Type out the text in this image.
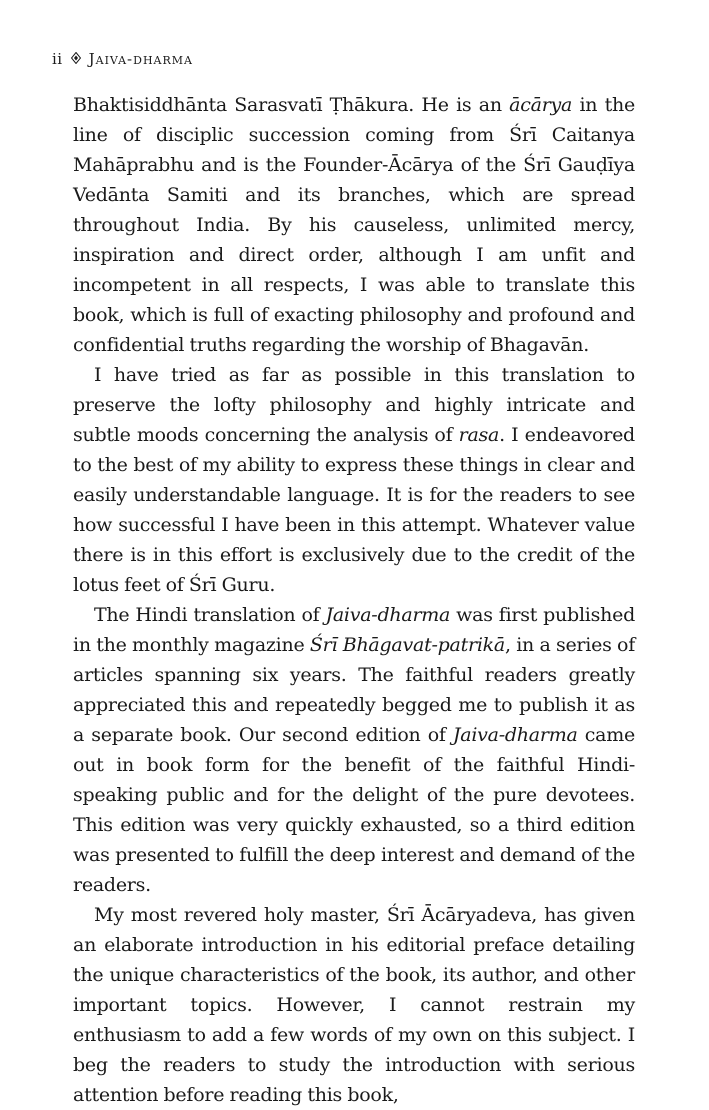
ii Jaiva-dharma

Bhaktisiddhānta Sarasvatī Ṭhākura. He is an ācārya in the line of disciplic succession coming from Śrī Caitanya Mahāprabhu and is the Founder-Ācārya of the Śrī Gauḍīya Vedānta Samiti and its branches, which are spread throughout India. By his causeless, unlimited mercy, inspiration and direct order, although I am unfit and incompetent in all respects, I was able to translate this book, which is full of exacting philosophy and profound and confidential truths regarding the worship of Bhagavān.

I have tried as far as possible in this translation to preserve the lofty philosophy and highly intricate and subtle moods concerning the analysis of rasa. I endeavored to the best of my ability to express these things in clear and easily understandable language. It is for the readers to see how successful I have been in this attempt. Whatever value there is in this effort is exclusively due to the credit of the lotus feet of Śrī Guru.

The Hindi translation of Jaiva-dharma was first published in the monthly magazine Śrī Bhāgavat-patrikā, in a series of articles spanning six years. The faithful readers greatly appreciated this and repeatedly begged me to publish it as a separate book. Our second edition of Jaiva-dharma came out in book form for the benefit of the faithful Hindi-speaking public and for the delight of the pure devotees. This edition was very quickly exhausted, so a third edition was presented to fulfill the deep interest and demand of the readers.

My most revered holy master, Śrī Ācāryadeva, has given an elaborate introduction in his editorial preface detailing the unique characteristics of the book, its author, and other important topics. However, I cannot restrain my enthusiasm to add a few words of my own on this subject. I beg the readers to study the introduction with serious attention before reading this book,
